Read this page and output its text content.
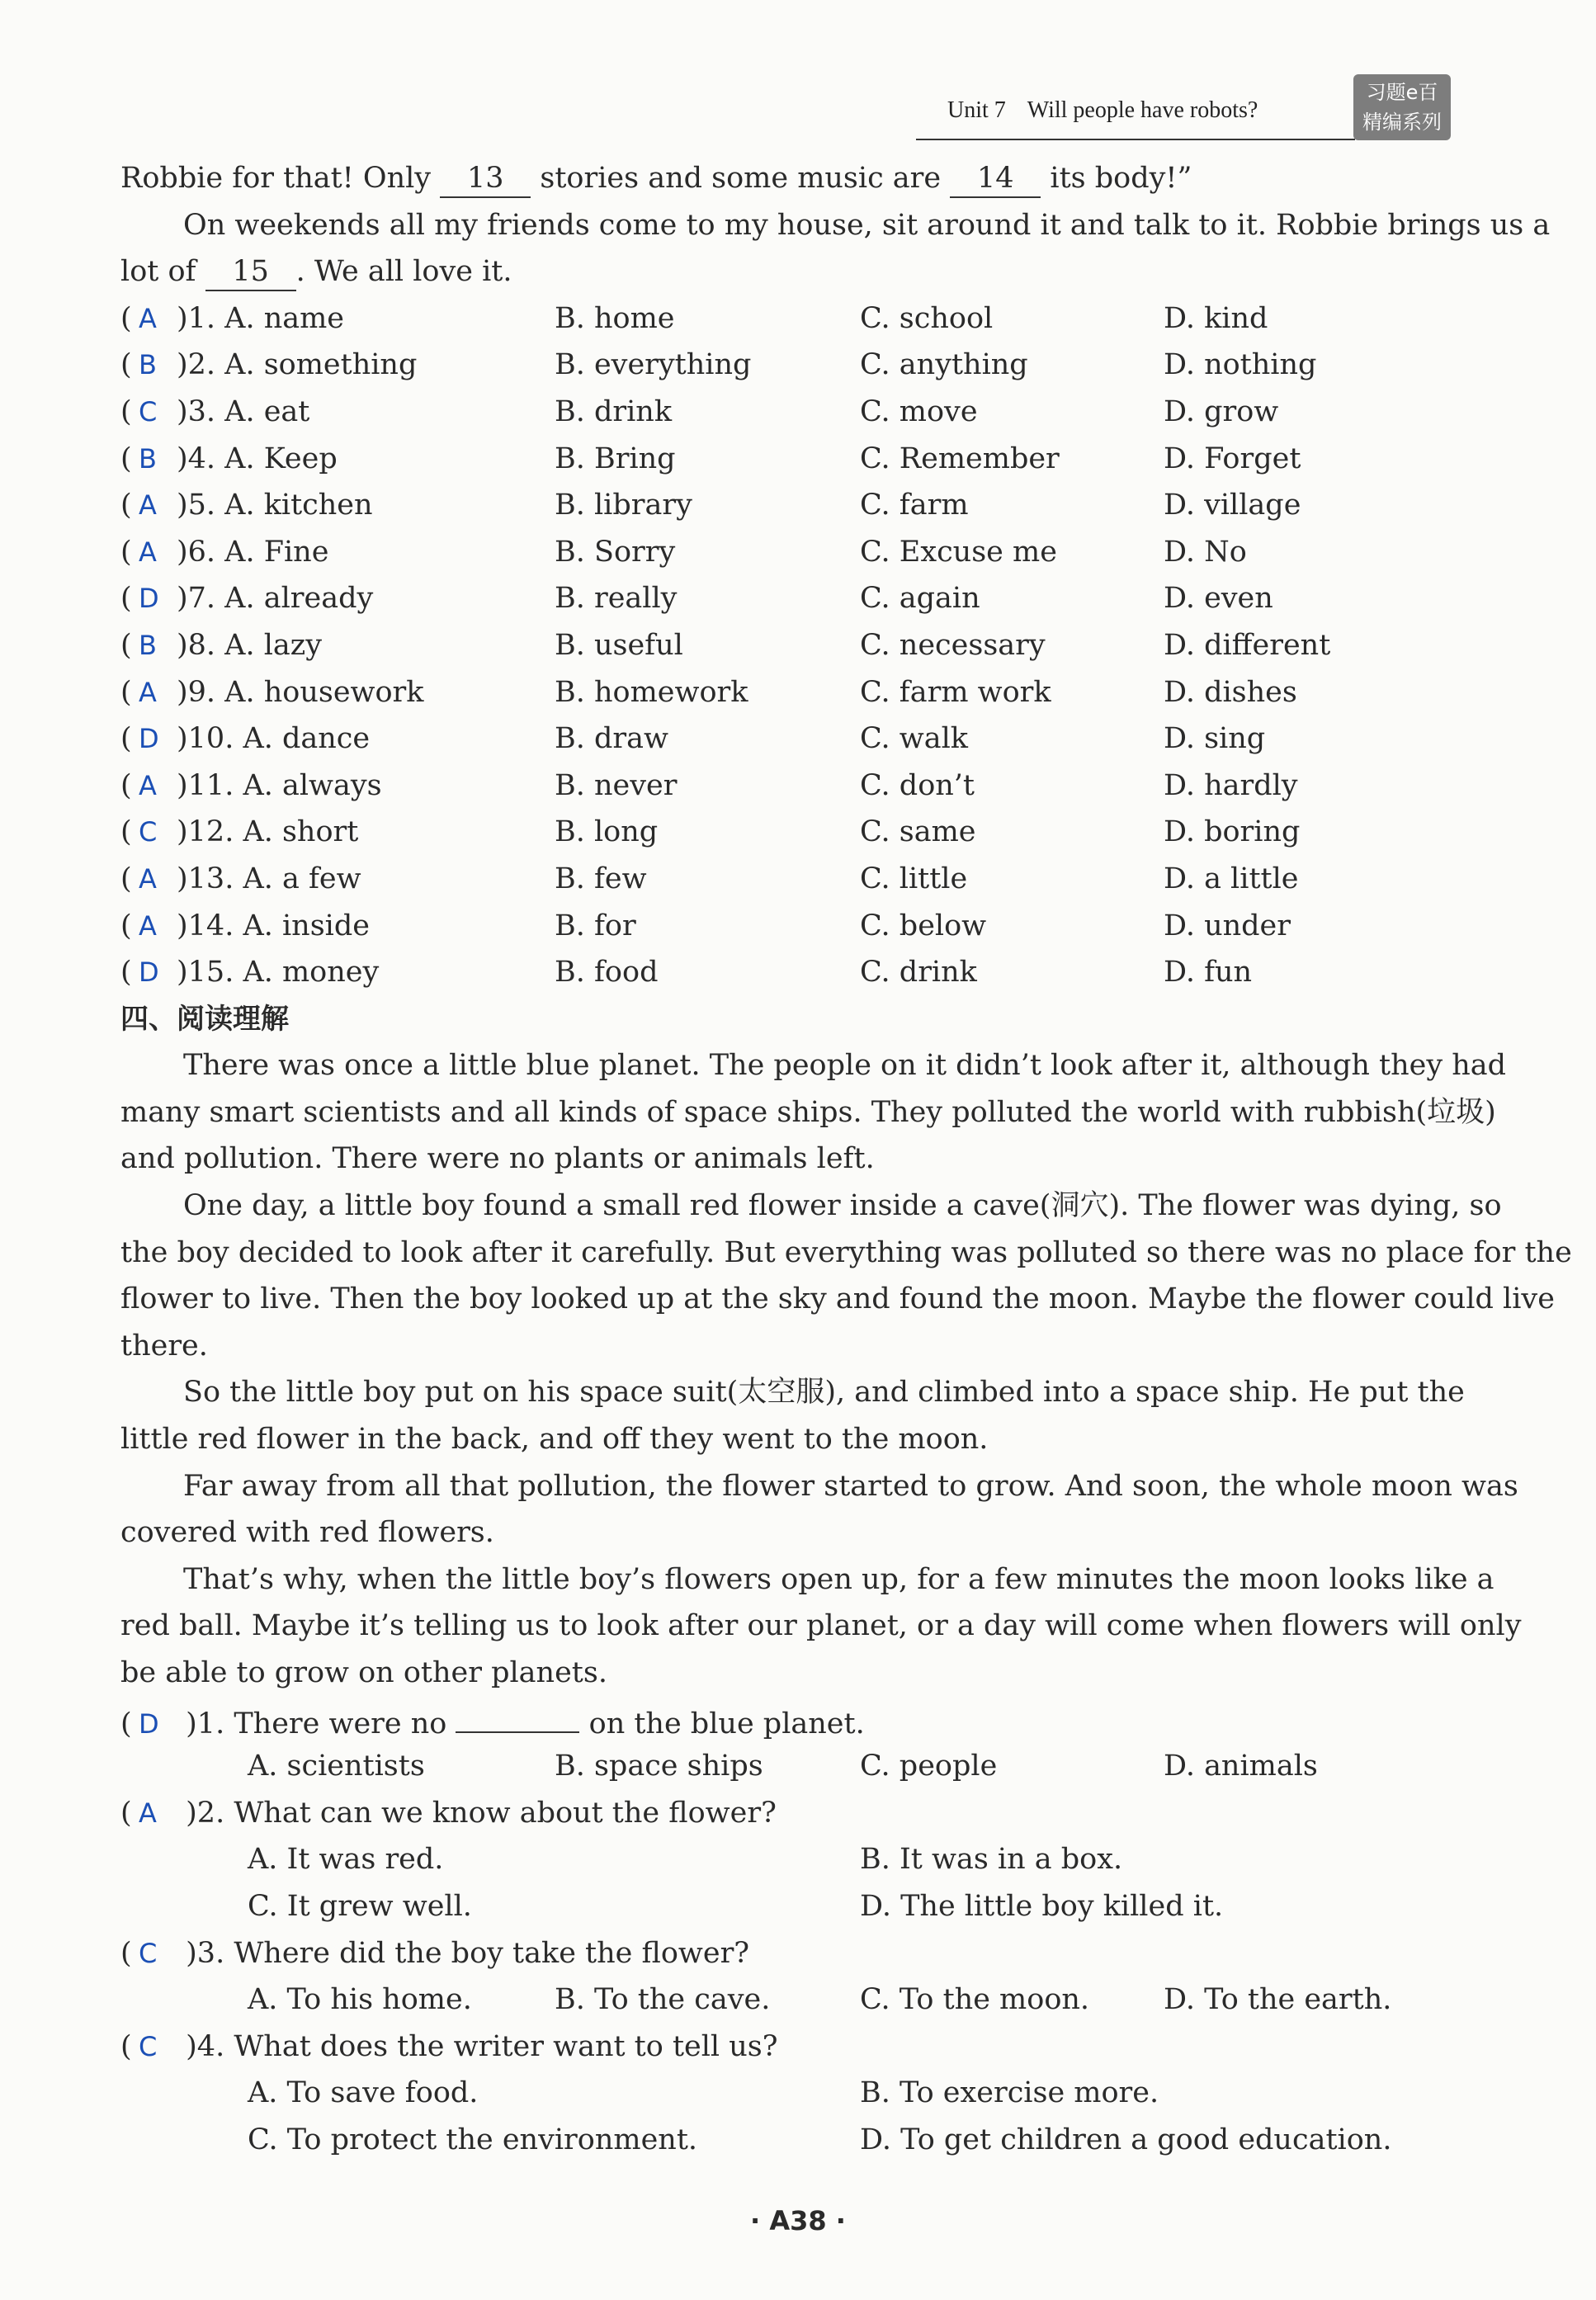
Unit 7 Will people have robots?
习题e百
精编系列
Robbie for that! Only 13 stories and some music are 14 its body!”
On weekends all my friends come to my house, sit around it and talk to it. Robbie brings us a
lot of 15 . We all love it.
( A )1. A. name	B. home	C. school	D. kind
( B )2. A. something	B. everything	C. anything	D. nothing
( C )3. A. eat	B. drink	C. move	D. grow
( B )4. A. Keep	B. Bring	C. Remember	D. Forget
( A )5. A. kitchen	B. library	C. farm	D. village
( A )6. A. Fine	B. Sorry	C. Excuse me	D. No
( D )7. A. already	B. really	C. again	D. even
( B )8. A. lazy	B. useful	C. necessary	D. different
( A )9. A. housework	B. homework	C. farm work	D. dishes
( D )10. A. dance	B. draw	C. walk	D. sing
( A )11. A. always	B. never	C. don’t	D. hardly
( C )12. A. short	B. long	C. same	D. boring
( A )13. A. a few	B. few	C. little	D. a little
( A )14. A. inside	B. for	C. below	D. under
( D )15. A. money	B. food	C. drink	D. fun
四、阅读理解
There was once a little blue planet. The people on it didn’t look after it, although they had
many smart scientists and all kinds of space ships. They polluted the world with rubbish(垃圾)
and pollution. There were no plants or animals left.
One day, a little boy found a small red flower inside a cave(洞穴). The flower was dying, so
the boy decided to look after it carefully. But everything was polluted so there was no place for the
flower to live. Then the boy looked up at the sky and found the moon. Maybe the flower could live
there.
So the little boy put on his space suit(太空服), and climbed into a space ship. He put the
little red flower in the back, and off they went to the moon.
Far away from all that pollution, the flower started to grow. And soon, the whole moon was
covered with red flowers.
That’s why, when the little boy’s flowers open up, for a few minutes the moon looks like a
red ball. Maybe it’s telling us to look after our planet, or a day will come when flowers will only
be able to grow on other planets.
( D )1. There were no	on the blue planet.
A. scientists	B. space ships	C. people	D. animals
( A )2. What can we know about the flower?
A. It was red.	B. It was in a box.
C. It grew well.	D. The little boy killed it.
( C )3. Where did the boy take the flower?
A. To his home.	B. To the cave.	C. To the moon.	D. To the earth.
( C )4. What does the writer want to tell us?
A. To save food.	B. To exercise more.
C. To protect the environment.	D. To get children a good education.
· A38 ·
